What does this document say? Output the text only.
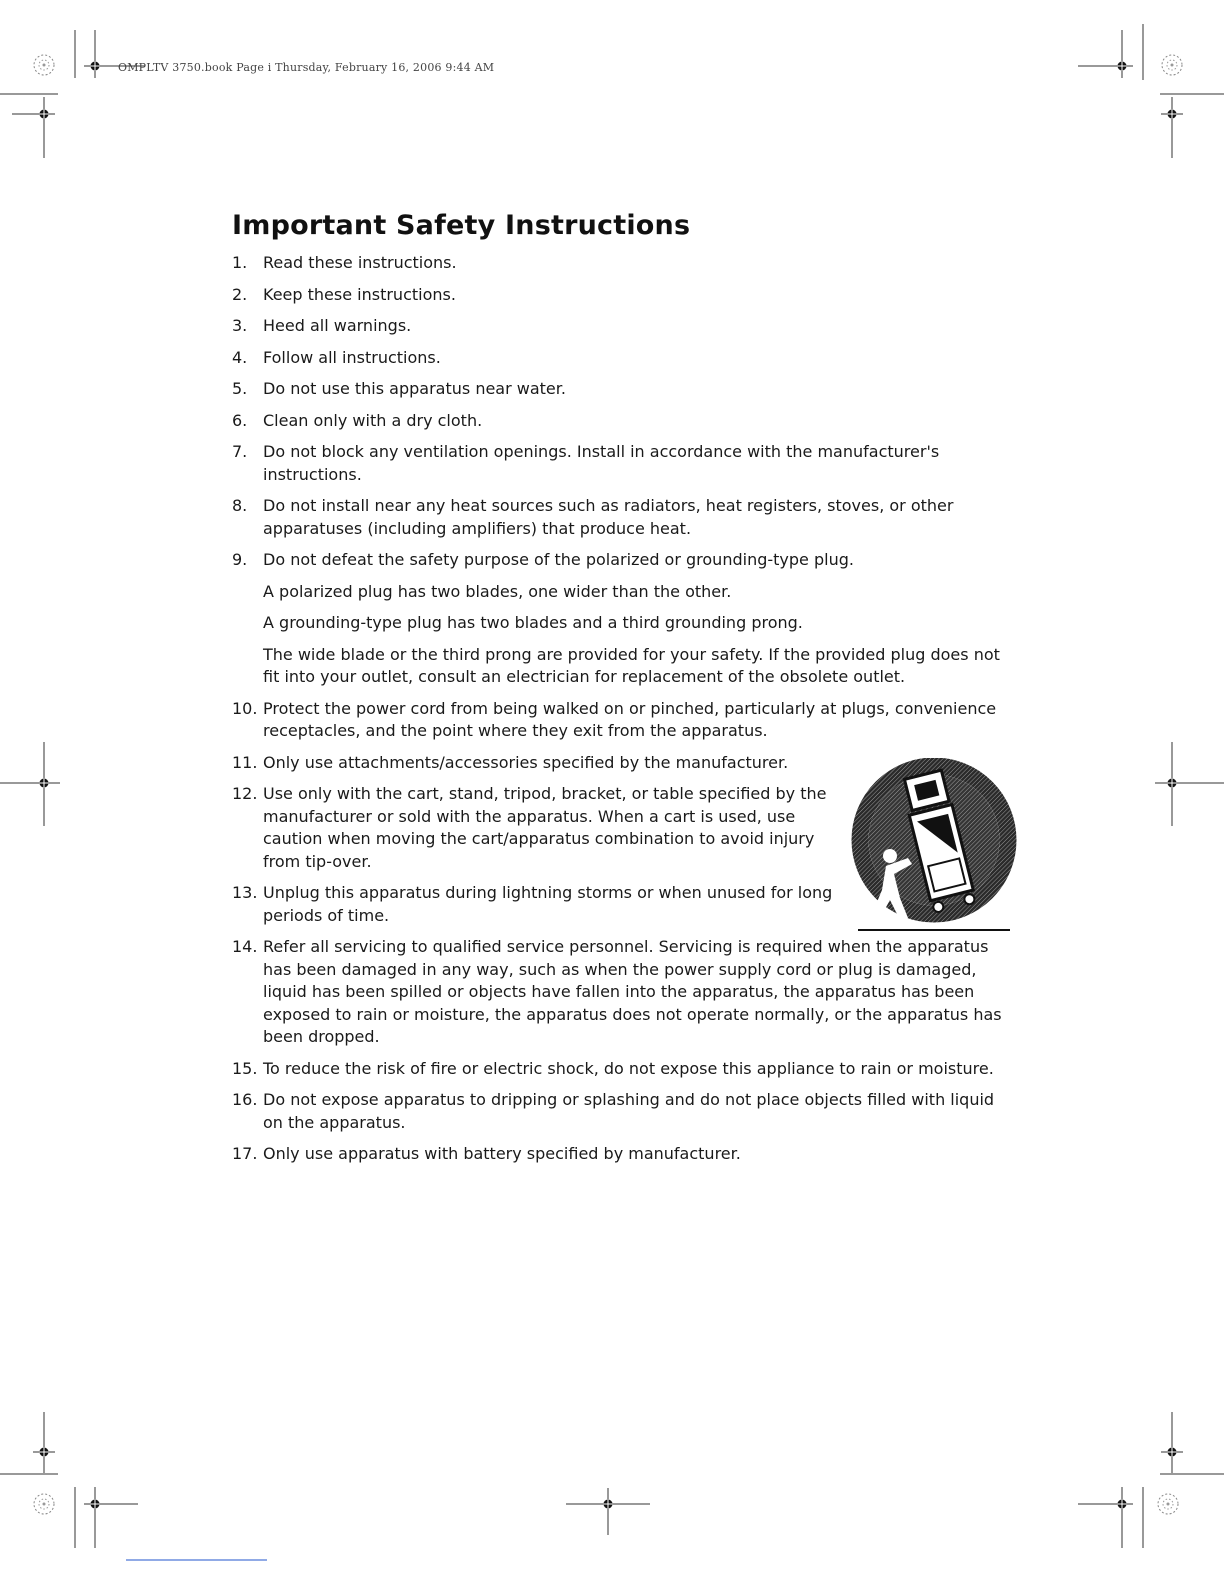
OMPLTV 3750.book Page i Thursday, February 16, 2006 9:44 AM
Important Safety Instructions
1. Read these instructions.

2. Keep these instructions.

3. Heed all warnings.

4. Follow all instructions.

5. Do not use this apparatus near water.

6. Clean only with a dry cloth.

7. Do not block any ventilation openings. Install in accordance with the manufacturer's instructions.

8. Do not install near any heat sources such as radiators, heat registers, stoves, or other apparatuses (including amplifiers) that produce heat.

9. Do not defeat the safety purpose of the polarized or grounding-type plug.

A polarized plug has two blades, one wider than the other.

A grounding-type plug has two blades and a third grounding prong.

The wide blade or the third prong are provided for your safety. If the provided plug does not fit into your outlet, consult an electrician for replacement of the obsolete outlet.

10. Protect the power cord from being walked on or pinched, particularly at plugs, convenience receptacles, and the point where they exit from the apparatus.

11. Only use attachments/accessories specified by the manufacturer.

12. Use only with the cart, stand, tripod, bracket, or table specified by the manufacturer or sold with the apparatus. When a cart is used, use caution when moving the cart/apparatus combination to avoid injury from tip-over.

13. Unplug this apparatus during lightning storms or when unused for long periods of time.

14. Refer all servicing to qualified service personnel. Servicing is required when the apparatus has been damaged in any way, such as when the power supply cord or plug is damaged, liquid has been spilled or objects have fallen into the apparatus, the apparatus has been exposed to rain or moisture, the apparatus does not operate normally, or the apparatus has been dropped.

15. To reduce the risk of fire or electric shock, do not expose this appliance to rain or moisture.

16. Do not expose apparatus to dripping or splashing and do not place objects filled with liquid on the apparatus.

17. Only use apparatus with battery specified by manufacturer.
